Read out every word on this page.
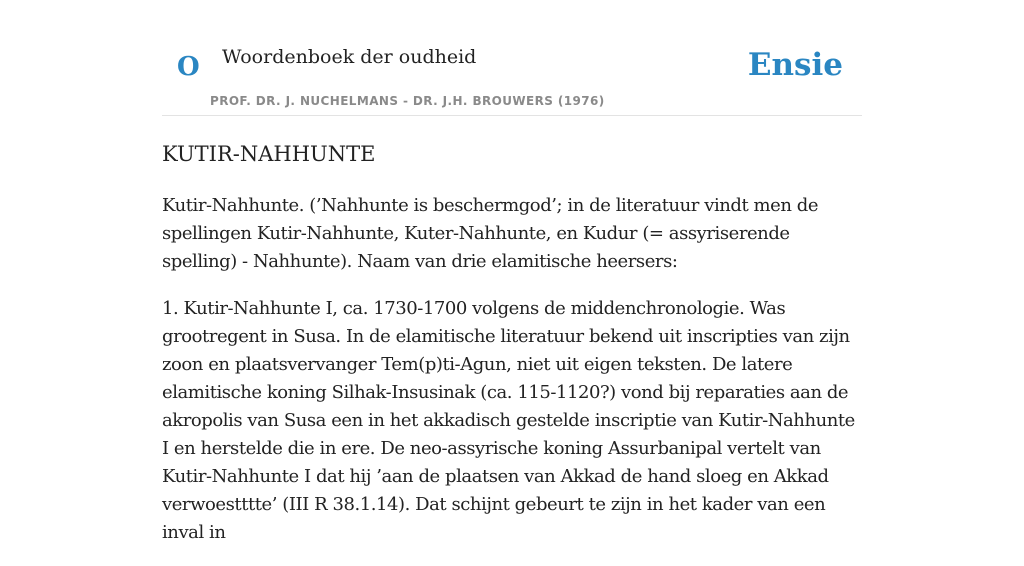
O Woordenboek der oudheid
PROF. DR. J. NUCHELMANS - DR. J.H. BROUWERS (1976)
Ensie
KUTIR-NAHHUNTE

Kutir-Nahhunte. (’Nahhunte is beschermgod’; in de literatuur vindt men de spellingen Kutir-Nahhunte, Kuter-Nahhunte, en Kudur (= assyriserende spelling) - Nahhunte). Naam van drie elamitische heersers:

1. Kutir-Nahhunte I, ca. 1730-1700 volgens de middenchronologie. Was grootregent in Susa. In de elamitische literatuur bekend uit inscripties van zijn zoon en plaatsvervanger Tem(p)ti-Agun, niet uit eigen teksten. De latere elamitische koning Silhak-Insusinak (ca. 115-1120?) vond bij reparaties aan de akropolis van Susa een in het akkadisch gestelde inscriptie van Kutir-Nahhunte I en herstelde die in ere. De neo-assyrische koning Assurbanipal vertelt van Kutir-Nahhunte I dat hij ’aan de plaatsen van Akkad de hand sloeg en Akkad verwoestttte’ (III R 38.1.14). Dat schijnt gebeurt te zijn in het kader van een inval in
